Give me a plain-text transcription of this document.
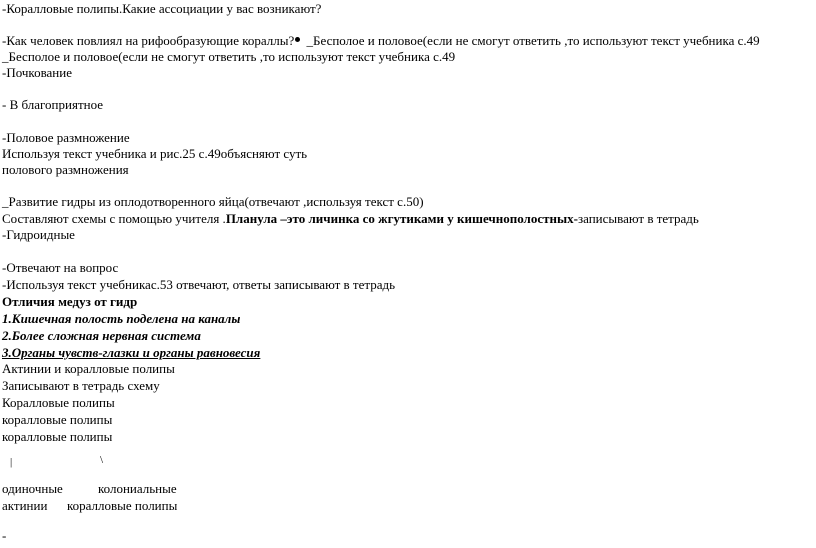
-Коралловые полипы.Какие ассоциации у вас возникают?
-Как человек повлиял на рифообразующие кораллы? _Бесполое и половое(если не смогут ответить ,то используют текст учебника с.49
_Бесполое и половое(если не смогут ответить ,то используют текст учебника с.49
-Почкование
- В благоприятное
-Половое размножение
Используя текст учебника и рис.25 с.49объясняют суть
полового размножения
_Развитие гидры из оплодотворенного яйца(отвечают ,используя текст с.50)
Составляют схемы с помощью учителя .Планула –это личинка со жгутиками у кишечнополостных-записывают в тетрадь
-Гидроидные
-Отвечают на вопрос
-Используя текст учебникас.53 отвечают, ответы записывают в тетрадь
Отличия медуз от гидр
1.Кишечная полость поделена на каналы
2.Более сложная нервная система
3.Органы чувств-глазки и органы равновесия
Актинии и коралловые полипы
Записывают в тетрадь схему
Коралловые полипы
коралловые полипы
коралловые полипы
|	\
одиночные	колониальные
актинии коралловые полипы
-
